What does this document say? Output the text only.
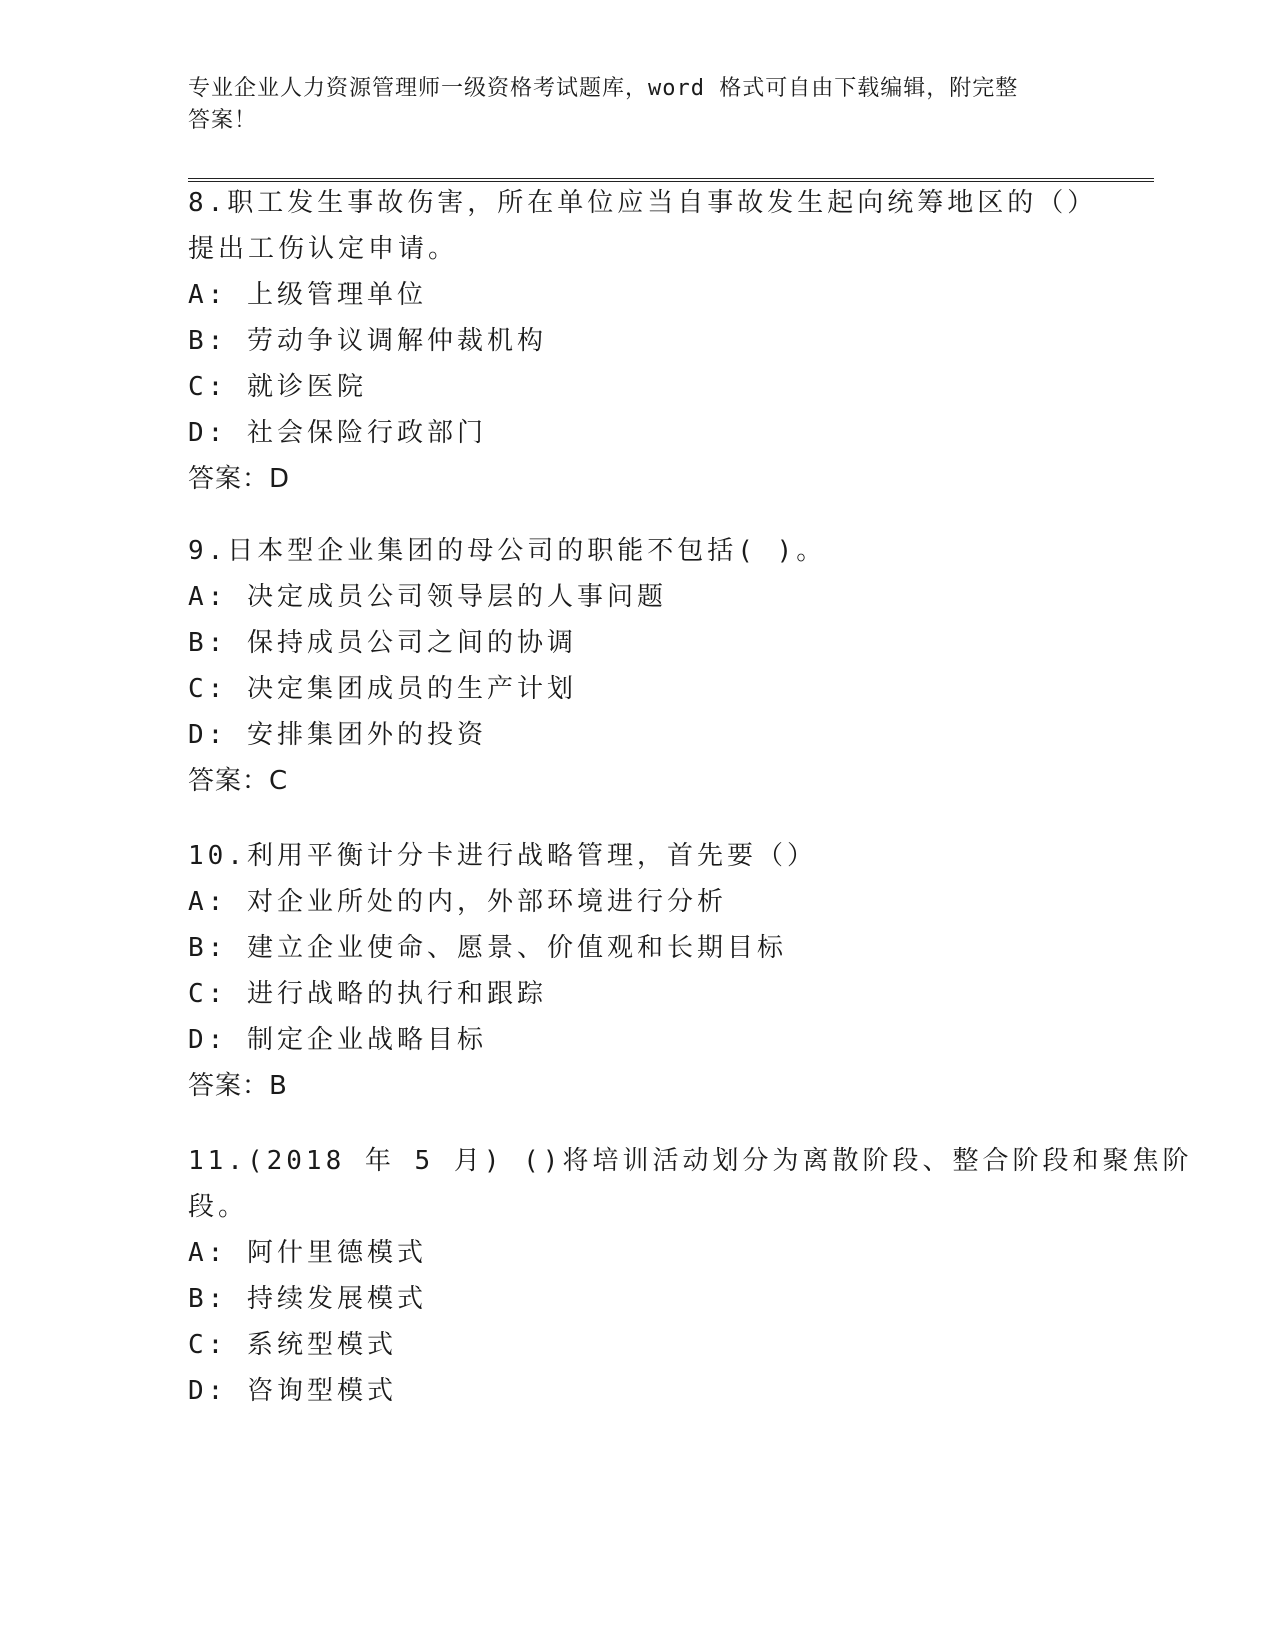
专业企业人力资源管理师一级资格考试题库，word 格式可自由下载编辑，附完整
答案！
8.职工发生事故伤害，所在单位应当自事故发生起向统筹地区的（）
提出工伤认定申请。
A: 上级管理单位
B: 劳动争议调解仲裁机构
C: 就诊医院
D: 社会保险行政部门
答案：D
9.日本型企业集团的母公司的职能不包括( )。
A: 决定成员公司领导层的人事问题
B: 保持成员公司之间的协调
C: 决定集团成员的生产计划
D: 安排集团外的投资
答案：C
10.利用平衡计分卡进行战略管理，首先要（）
A: 对企业所处的内，外部环境进行分析
B: 建立企业使命、愿景、价值观和长期目标
C: 进行战略的执行和跟踪
D: 制定企业战略目标
答案：B
11.(2018 年 5 月) ()将培训活动划分为离散阶段、整合阶段和聚焦阶
段。
A: 阿什里德模式
B: 持续发展模式
C: 系统型模式
D: 咨询型模式
